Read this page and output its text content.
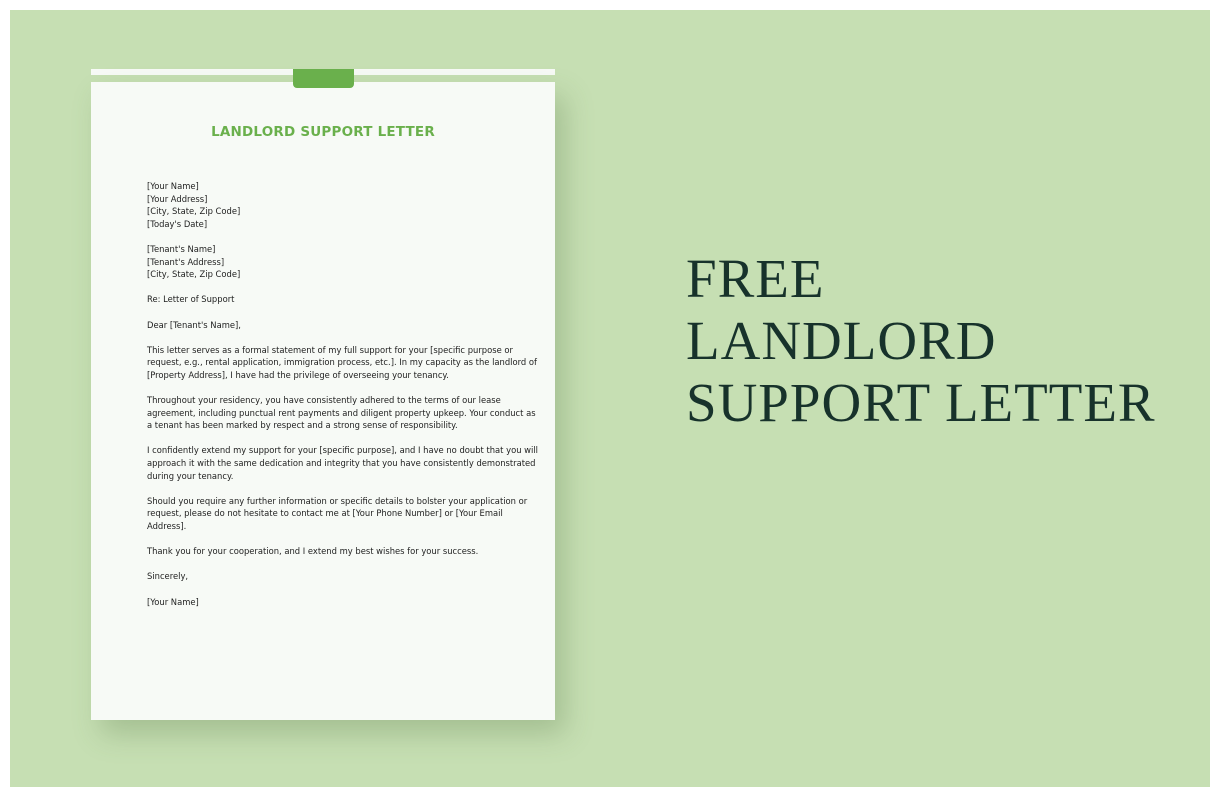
LANDLORD SUPPORT LETTER
[Your Name]
[Your Address]
[City, State, Zip Code]
[Today's Date]
[Tenant's Name]
[Tenant's Address]
[City, State, Zip Code]
Re: Letter of Support
Dear [Tenant's Name],
This letter serves as a formal statement of my full support for your [specific purpose or
request, e.g., rental application, immigration process, etc.]. In my capacity as the landlord of
[Property Address], I have had the privilege of overseeing your tenancy.
Throughout your residency, you have consistently adhered to the terms of our lease
agreement, including punctual rent payments and diligent property upkeep. Your conduct as
a tenant has been marked by respect and a strong sense of responsibility.
I confidently extend my support for your [specific purpose], and I have no doubt that you will
approach it with the same dedication and integrity that you have consistently demonstrated
during your tenancy.
Should you require any further information or specific details to bolster your application or
request, please do not hesitate to contact me at [Your Phone Number] or [Your Email
Address].
Thank you for your cooperation, and I extend my best wishes for your success.
Sincerely,
[Your Name]
FREE
LANDLORD
SUPPORT LETTER
